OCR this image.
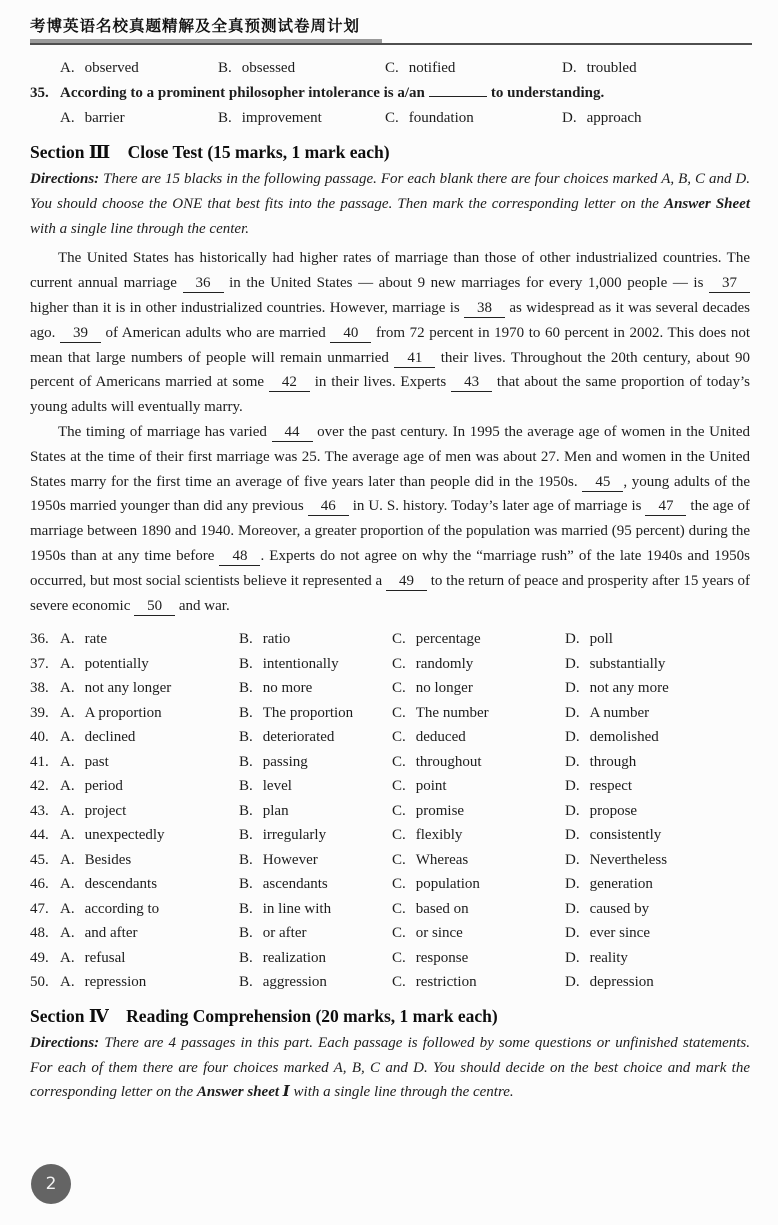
考博英语名校真题精解及全真预测试卷周计划
A. observed	B. obsessed	C. notified	D. troubled
35. According to a prominent philosopher intolerance is a/an	to understanding.
A. barrier	B. improvement	C. foundation	D. approach
Section Ⅲ　Close Test (15 marks, 1 mark each)

Directions: There are 15 blacks in the following passage. For each blank there are four choices marked A, B, C and D. You should choose the ONE that best fits into the passage. Then mark the corresponding letter on the Answer Sheet with a single line through the center.

The United States has historically had higher rates of marriage than those of other industrialized countries. The current annual marriage 36 in the United States — about 9 new marriages for every 1,000 people — is 37 higher than it is in other industrialized countries. However, marriage is 38 as widespread as it was several decades ago. 39 of American adults who are married 40 from 72 percent in 1970 to 60 percent in 2002. This does not mean that large numbers of people will remain unmarried 41 their lives. Throughout the 20th century, about 90 percent of Americans married at some 42 in their lives. Experts 43 that about the same proportion of today’s young adults will eventually marry.

The timing of marriage has varied 44 over the past century. In 1995 the average age of women in the United States at the time of their first marriage was 25. The average age of men was about 27. Men and women in the United States marry for the first time an average of five years later than people did in the 1950s. 45 , young adults of the 1950s married younger than did any previous 46 in U. S. history. Today’s later age of marriage is 47 the age of marriage between 1890 and 1940. Moreover, a greater proportion of the population was married (95 percent) during the 1950s than at any time before 48 . Experts do not agree on why the “marriage rush” of the late 1940s and 1950s occurred, but most social scientists believe it represented a 49 to the return of peace and prosperity after 15 years of severe economic 50 and war.

36. A. rate	B. ratio	C. percentage	D. poll
37. A. potentially	B. intentionally	C. randomly	D. substantially
38. A. not any longer	B. no more	C. no longer	D. not any more
39. A. A proportion	B. The proportion	C. The number	D. A number
40. A. declined	B. deteriorated	C. deduced	D. demolished
41. A. past	B. passing	C. throughout	D. through
42. A. period	B. level	C. point	D. respect
43. A. project	B. plan	C. promise	D. propose
44. A. unexpectedly	B. irregularly	C. flexibly	D. consistently
45. A. Besides	B. However	C. Whereas	D. Nevertheless
46. A. descendants	B. ascendants	C. population	D. generation
47. A. according to	B. in line with	C. based on	D. caused by
48. A. and after	B. or after	C. or since	D. ever since
49. A. refusal	B. realization	C. response	D. reality
50. A. repression	B. aggression	C. restriction	D. depression
Section Ⅳ　Reading Comprehension (20 marks, 1 mark each)

Directions: There are 4 passages in this part. Each passage is followed by some questions or unfinished statements. For each of them there are four choices marked A, B, C and D. You should decide on the best choice and mark the corresponding letter on the Answer sheet Ⅰ with a single line through the centre.

2
